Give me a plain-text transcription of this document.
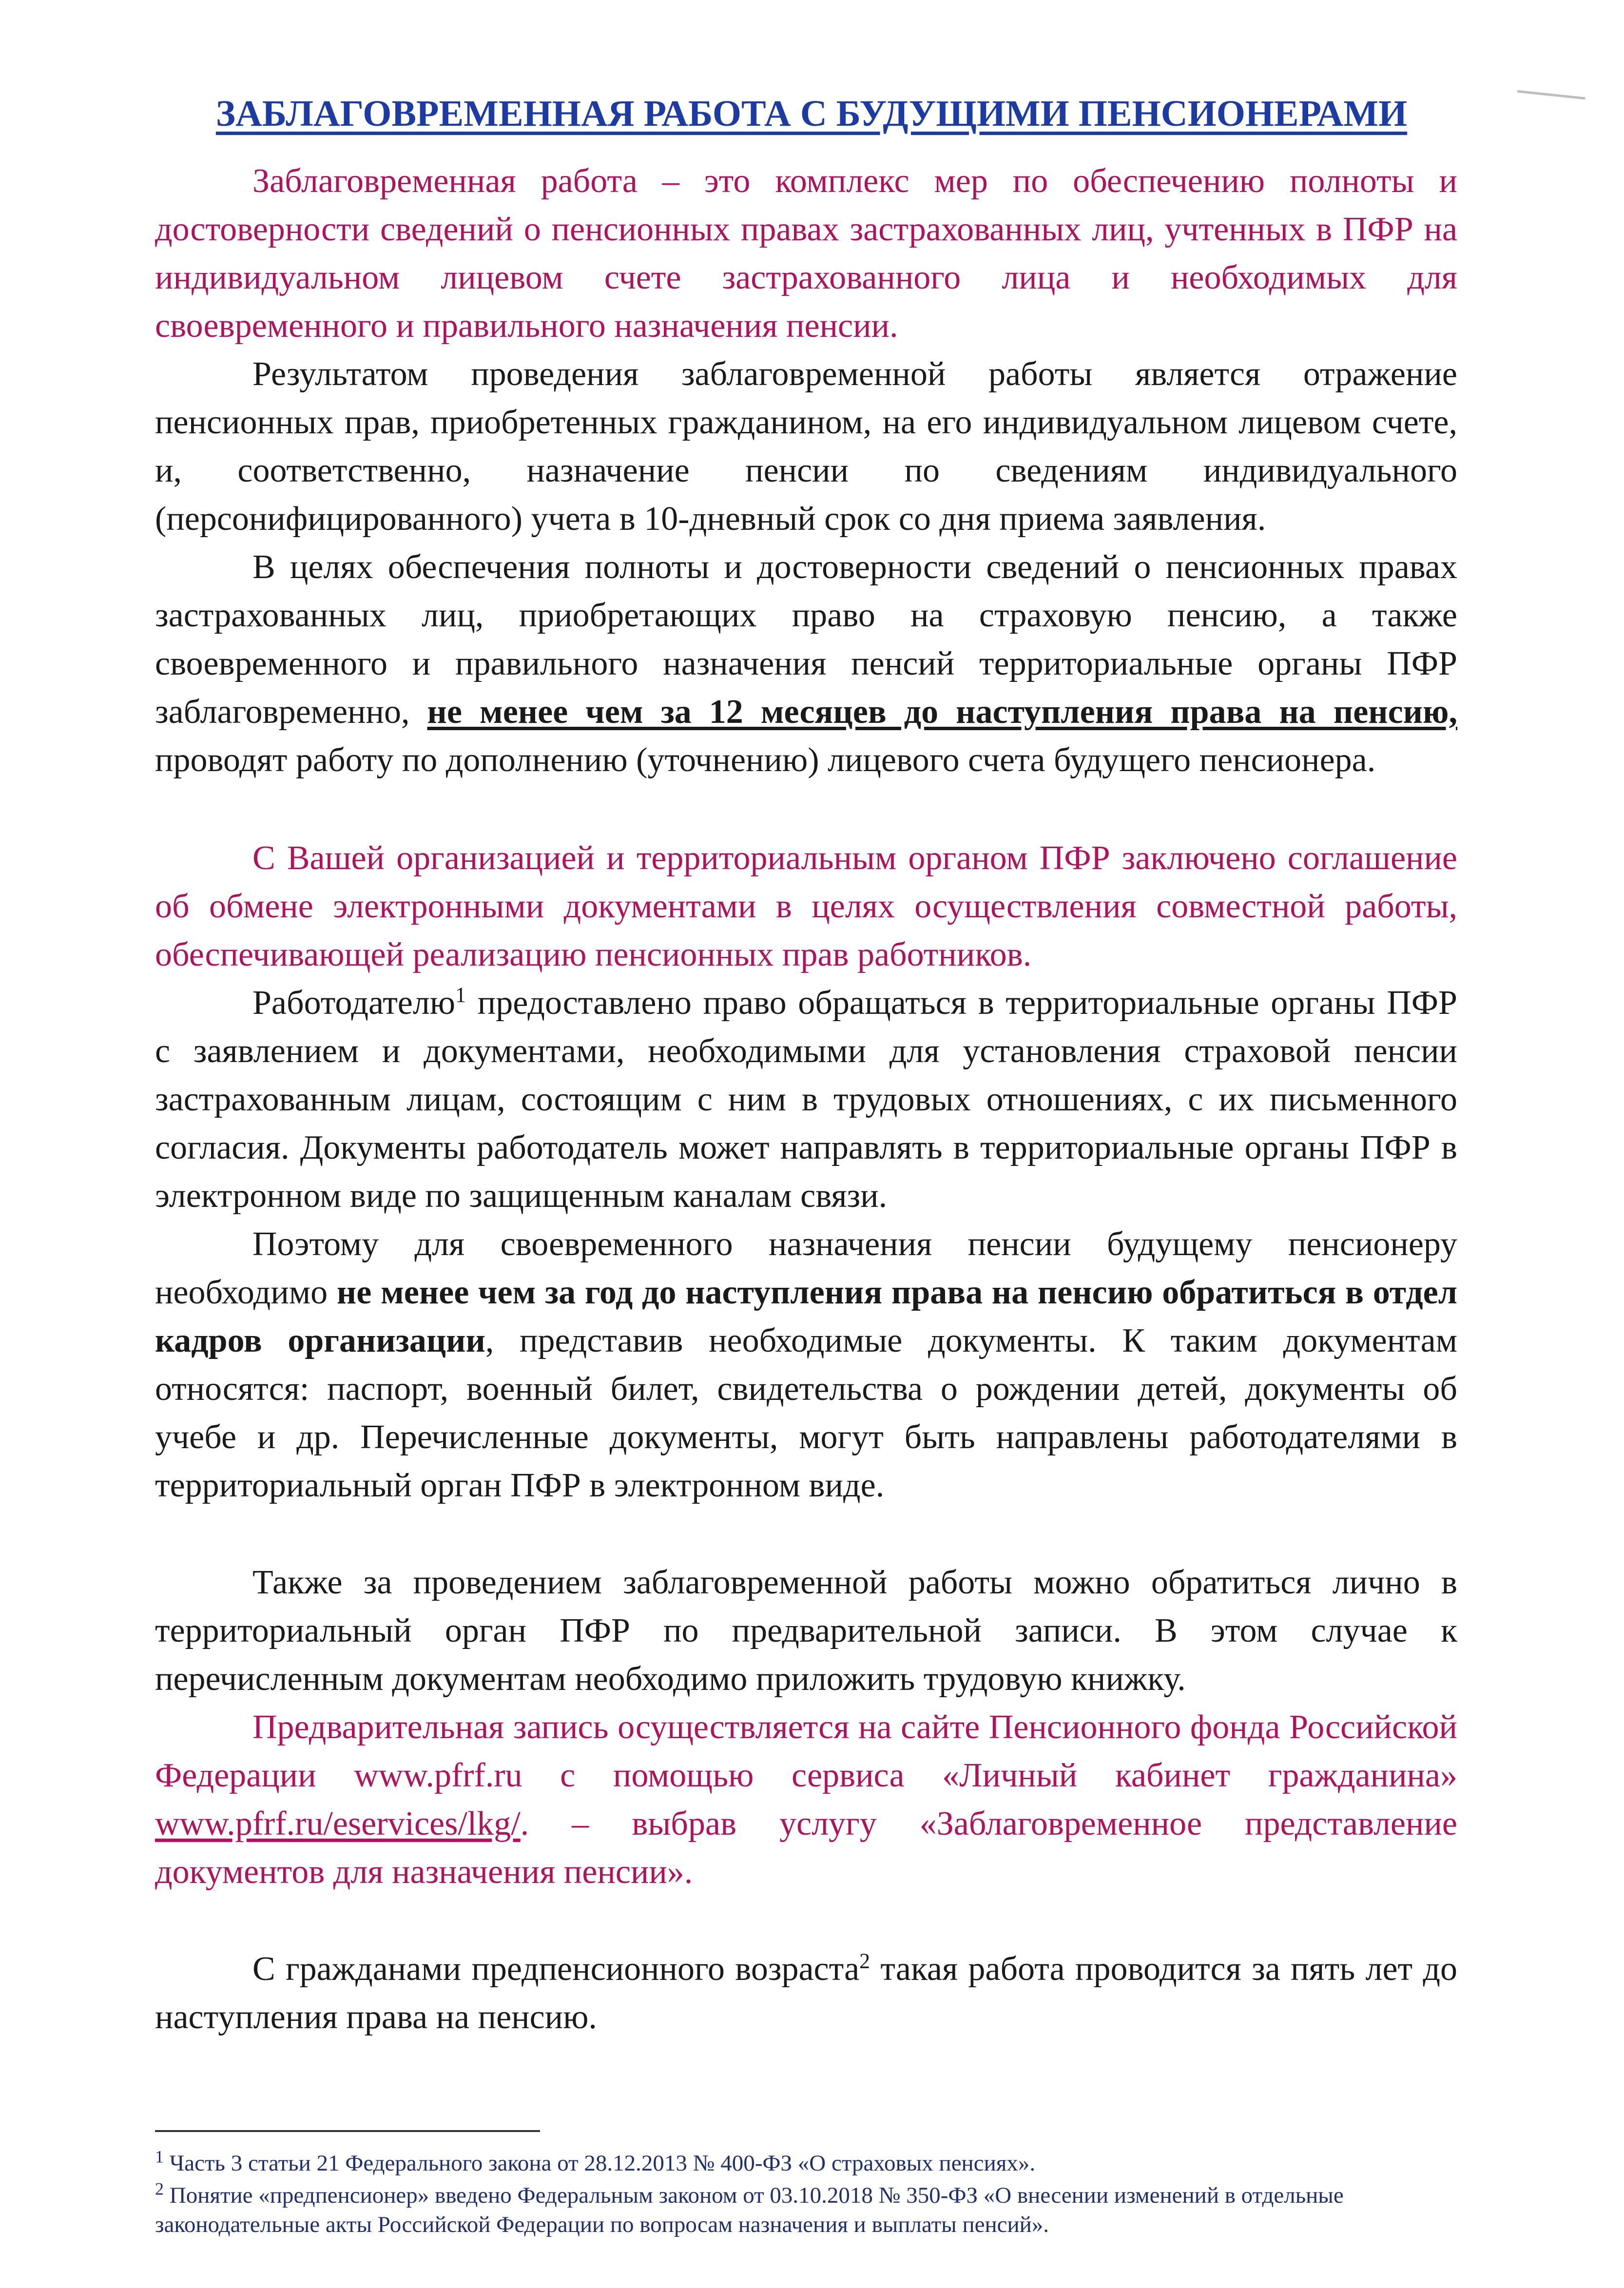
ЗАБЛАГОВРЕМЕННАЯ РАБОТА С БУДУЩИМИ ПЕНСИОНЕРАМИ

Заблаговременная работа – это комплекс мер по обеспечению полноты и достоверности сведений о пенсионных правах застрахованных лиц, учтенных в ПФР на индивидуальном лицевом счете застрахованного лица и необходимых для своевременного и правильного назначения пенсии.

Результатом проведения заблаговременной работы является отражение пенсионных прав, приобретенных гражданином, на его индивидуальном лицевом счете, и, соответственно, назначение пенсии по сведениям индивидуального (персонифицированного) учета в 10-дневный срок со дня приема заявления.

В целях обеспечения полноты и достоверности сведений о пенсионных правах застрахованных лиц, приобретающих право на страховую пенсию, а также своевременного и правильного назначения пенсий территориальные органы ПФР заблаговременно, не менее чем за 12 месяцев до наступления права на пенсию, проводят работу по дополнению (уточнению) лицевого счета будущего пенсионера.

С Вашей организацией и территориальным органом ПФР заключено соглашение об обмене электронными документами в целях осуществления совместной работы, обеспечивающей реализацию пенсионных прав работников.

Работодателю$^1$ предоставлено право обращаться в территориальные органы ПФР с заявлением и документами, необходимыми для установления страховой пенсии застрахованным лицам, состоящим с ним в трудовых отношениях, с их письменного согласия. Документы работодатель может направлять в территориальные органы ПФР в электронном виде по защищенным каналам связи.

Поэтому для своевременного назначения пенсии будущему пенсионеру необходимо не менее чем за год до наступления права на пенсию обратиться в отдел кадров организации, представив необходимые документы. К таким документам относятся: паспорт, военный билет, свидетельства о рождении детей, документы об учебе и др. Перечисленные документы, могут быть направлены работодателями в территориальный орган ПФР в электронном виде.

Также за проведением заблаговременной работы можно обратиться лично в территориальный орган ПФР по предварительной записи. В этом случае к перечисленным документам необходимо приложить трудовую книжку.

Предварительная запись осуществляется на сайте Пенсионного фонда Российской Федерации www.pfrf.ru с помощью сервиса «Личный кабинет гражданина» www.pfrf.ru/eservices/lkg/. – выбрав услугу «Заблаговременное представление документов для назначения пенсии».

С гражданами предпенсионного возраста$^2$ такая работа проводится за пять лет до наступления права на пенсию.

$^1$ Часть 3 статьи 21 Федерального закона от 28.12.2013 № 400-ФЗ «О страховых пенсиях».

$^2$ Понятие «предпенсионер» введено Федеральным законом от 03.10.2018 № 350-ФЗ «О внесении изменений в отдельные законодательные акты Российской Федерации по вопросам назначения и выплаты пенсий».
